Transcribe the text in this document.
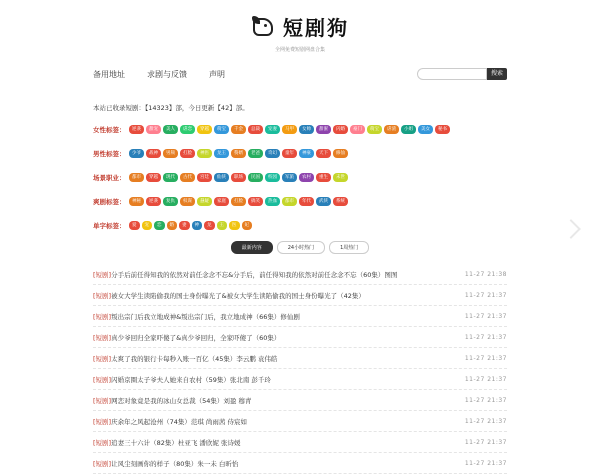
短剧狗
全网免费短剧网盘合集
备用地址	求剧与反馈	声明	搜索
本站已收录短剧：【14323】部，今日更新【42】部。
女性标签：	逆袭	甜宠	美人	虐恋	穿越	萌宝	千金	总裁	宠妻	马甲	女帅	甜蜜	闪婚	豪门	萌宝	虐渣	小姐	美女	秘书
男性标签：	少爷	战神	男频	打脸	神医	龙王	赘婿	老爸	奇幻	童年	神豪	天下	修仙
场景职业：	都市	穿越	现代	古代	宫廷	仙侠	职场	民国	校园	军旅	农村	重生	末世
爽剧标签：	神秘	逆袭	复仇	权谋	悬疑	家庭	打脸	搞笑	热血	都市	年代	武侠	系统
单字标签：	爱	宠	恋	婚	妻	神	龙	王	医	妃
最新内容	24小时热门	1周热门
[短剧]分手后前任得知我的依然对前任念念不忘&分手后，前任得知我的依然对前任念念不忘（60集）图图	11-27 21:38
[短剧]被女大学生读陷偷我的国士身份曝光了&被女大学生读陷偷我的国士身份曝光了（42集）	11-27 21:37
[短剧]叛出宗门后我立地成神&叛出宗门后，我立地成神（66集）修仙剧	11-27 21:37
[短剧]真少爷回归全家吓傻了&真少爷回归，全家吓傻了（60集）	11-27 21:37
[短剧]太爽了我的银行卡每秒入账一百亿（45集）李云鹏 袁伟皓	11-27 21:37
[短剧]闪婚京圈太子爷夫人她来自农村（59集）张北南 彭千玲	11-27 21:37
[短剧]网恋对象竟是我的冰山女总裁（54集）刘盈 穆青	11-27 21:37
[短剧]庆余年之风起沧州（74集）范琪 尚雨茜 侍宸如	11-27 21:37
[短剧]追妻三十六计（82集）杜亚飞 潘欣妮 张诗媛	11-27 21:37
[短剧]让风尘刻画你的样子（80集）朱一未 白昕怡	11-27 21:37
